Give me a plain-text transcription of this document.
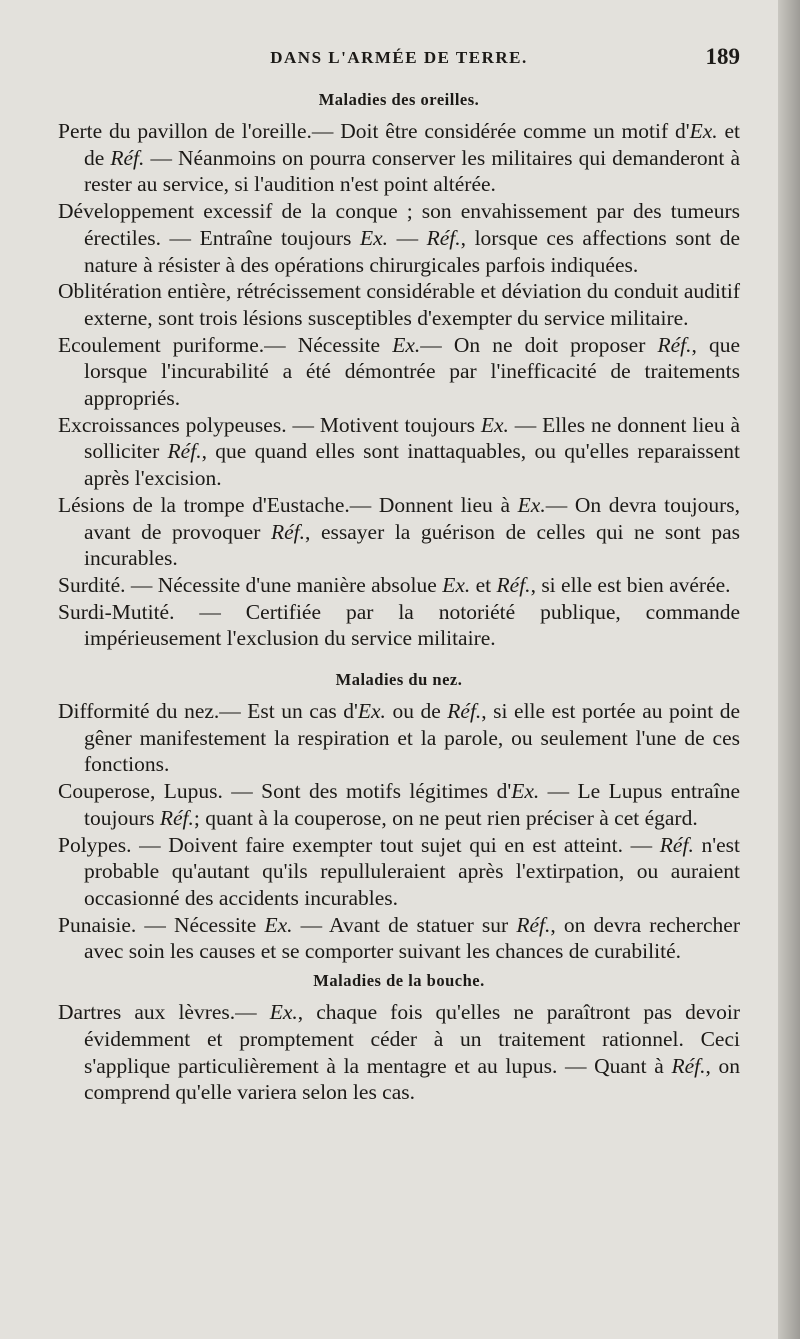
DANS L'ARMÉE DE TERRE.	189
Maladies des oreilles.

Perte du pavillon de l'oreille.— Doit être considérée comme un motif d'Ex. et de Réf. — Néanmoins on pourra conserver les militaires qui demanderont à rester au service, si l'audition n'est point altérée.

Développement excessif de la conque ; son envahissement par des tumeurs érectiles. — Entraîne toujours Ex. — Réf., lorsque ces affections sont de nature à résister à des opérations chirurgicales parfois indiquées.

Oblitération entière, rétrécissement considérable et déviation du conduit auditif externe, sont trois lésions susceptibles d'exempter du service militaire.

Ecoulement puriforme.— Nécessite Ex.— On ne doit proposer Réf., que lorsque l'incurabilité a été démontrée par l'inefficacité de traitements appropriés.

Excroissances polypeuses. — Motivent toujours Ex. — Elles ne donnent lieu à solliciter Réf., que quand elles sont inattaquables, ou qu'elles reparaissent après l'excision.

Lésions de la trompe d'Eustache.— Donnent lieu à Ex.— On devra toujours, avant de provoquer Réf., essayer la guérison de celles qui ne sont pas incurables.

Surdité. — Nécessite d'une manière absolue Ex. et Réf., si elle est bien avérée.

Surdi-Mutité. — Certifiée par la notoriété publique, commande impérieusement l'exclusion du service militaire.

Maladies du nez.

Difformité du nez.— Est un cas d'Ex. ou de Réf., si elle est portée au point de gêner manifestement la respiration et la parole, ou seulement l'une de ces fonctions.

Couperose, Lupus. — Sont des motifs légitimes d'Ex. — Le Lupus entraîne toujours Réf.; quant à la couperose, on ne peut rien préciser à cet égard.

Polypes. — Doivent faire exempter tout sujet qui en est atteint. — Réf. n'est probable qu'autant qu'ils repulluleraient après l'extirpation, ou auraient occasionné des accidents incurables.

Punaisie. — Nécessite Ex. — Avant de statuer sur Réf., on devra rechercher avec soin les causes et se comporter suivant les chances de curabilité.

Maladies de la bouche.

Dartres aux lèvres.— Ex., chaque fois qu'elles ne paraîtront pas devoir évidemment et promptement céder à un traitement rationnel. Ceci s'applique particulièrement à la mentagre et au lupus. — Quant à Réf., on comprend qu'elle variera selon les cas.
